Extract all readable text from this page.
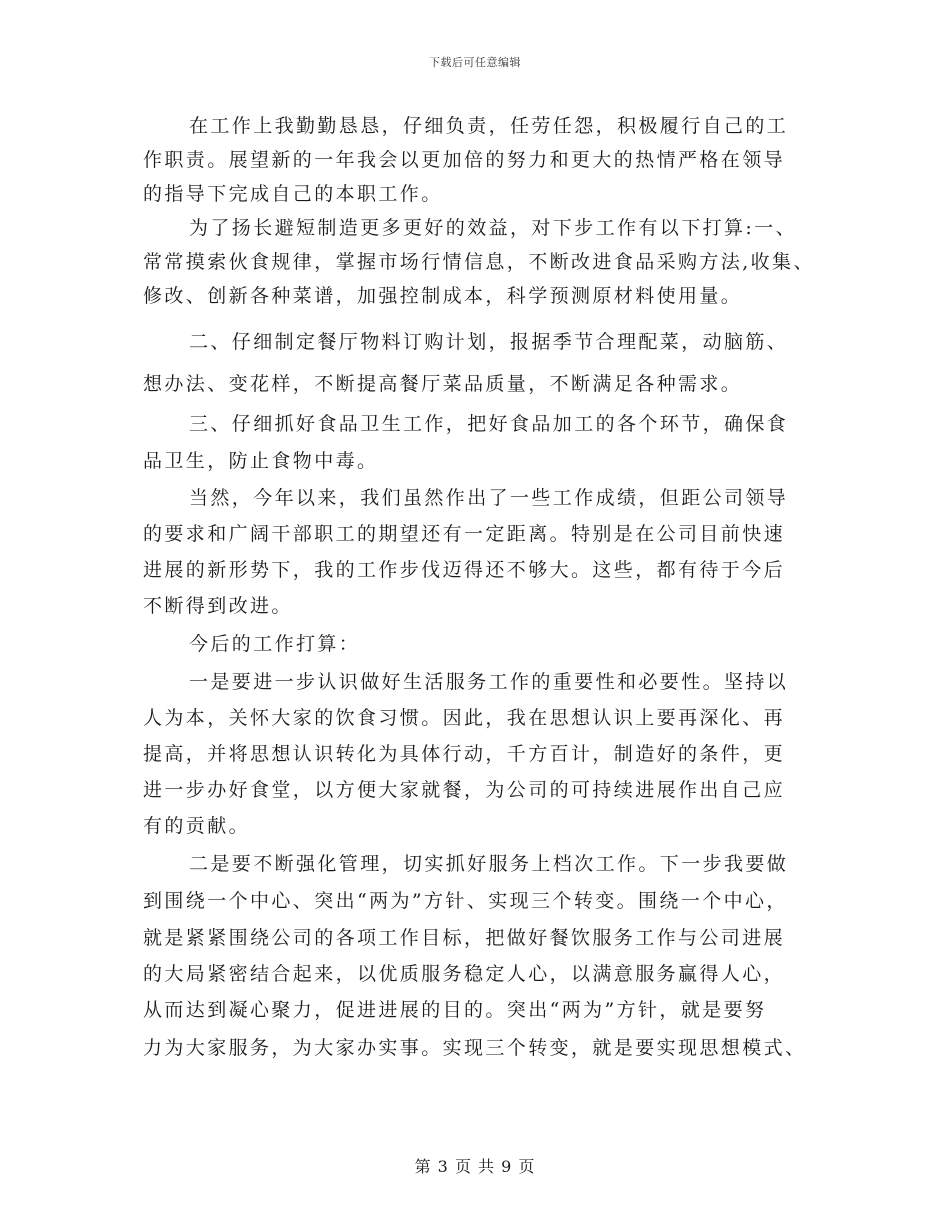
下载后可任意编辑
在工作上我勤勤恳恳，仔细负责，任劳任怨，积极履行自己的工
作职责。展望新的一年我会以更加倍的努力和更大的热情严格在领导
的指导下完成自己的本职工作。
为了扬长避短制造更多更好的效益，对下步工作有以下打算:一、
常常摸索伙食规律，掌握市场行情信息，不断改进食品采购方法,收集、
修改、创新各种菜谱，加强控制成本，科学预测原材料使用量。
二、仔细制定餐厅物料订购计划，报据季节合理配菜，动脑筋、
想办法、变花样，不断提高餐厅菜品质量，不断满足各种需求。
三、仔细抓好食品卫生工作，把好食品加工的各个环节，确保食
品卫生，防止食物中毒。
当然，今年以来，我们虽然作出了一些工作成绩，但距公司领导
的要求和广阔干部职工的期望还有一定距离。特别是在公司目前快速
进展的新形势下，我的工作步伐迈得还不够大。这些，都有待于今后
不断得到改进。
今后的工作打算：
一是要进一步认识做好生活服务工作的重要性和必要性。坚持以
人为本，关怀大家的饮食习惯。因此，我在思想认识上要再深化、再
提高，并将思想认识转化为具体行动，千方百计，制造好的条件，更
进一步办好食堂，以方便大家就餐，为公司的可持续进展作出自己应
有的贡献。
二是要不断强化管理，切实抓好服务上档次工作。下一步我要做
到围绕一个中心、突出“两为”方针、实现三个转变。围绕一个中心，
就是紧紧围绕公司的各项工作目标，把做好餐饮服务工作与公司进展
的大局紧密结合起来，以优质服务稳定人心，以满意服务赢得人心，
从而达到凝心聚力，促进进展的目的。突出“两为”方针，就是要努
力为大家服务，为大家办实事。实现三个转变，就是要实现思想模式、
第 3 页 共 9 页
